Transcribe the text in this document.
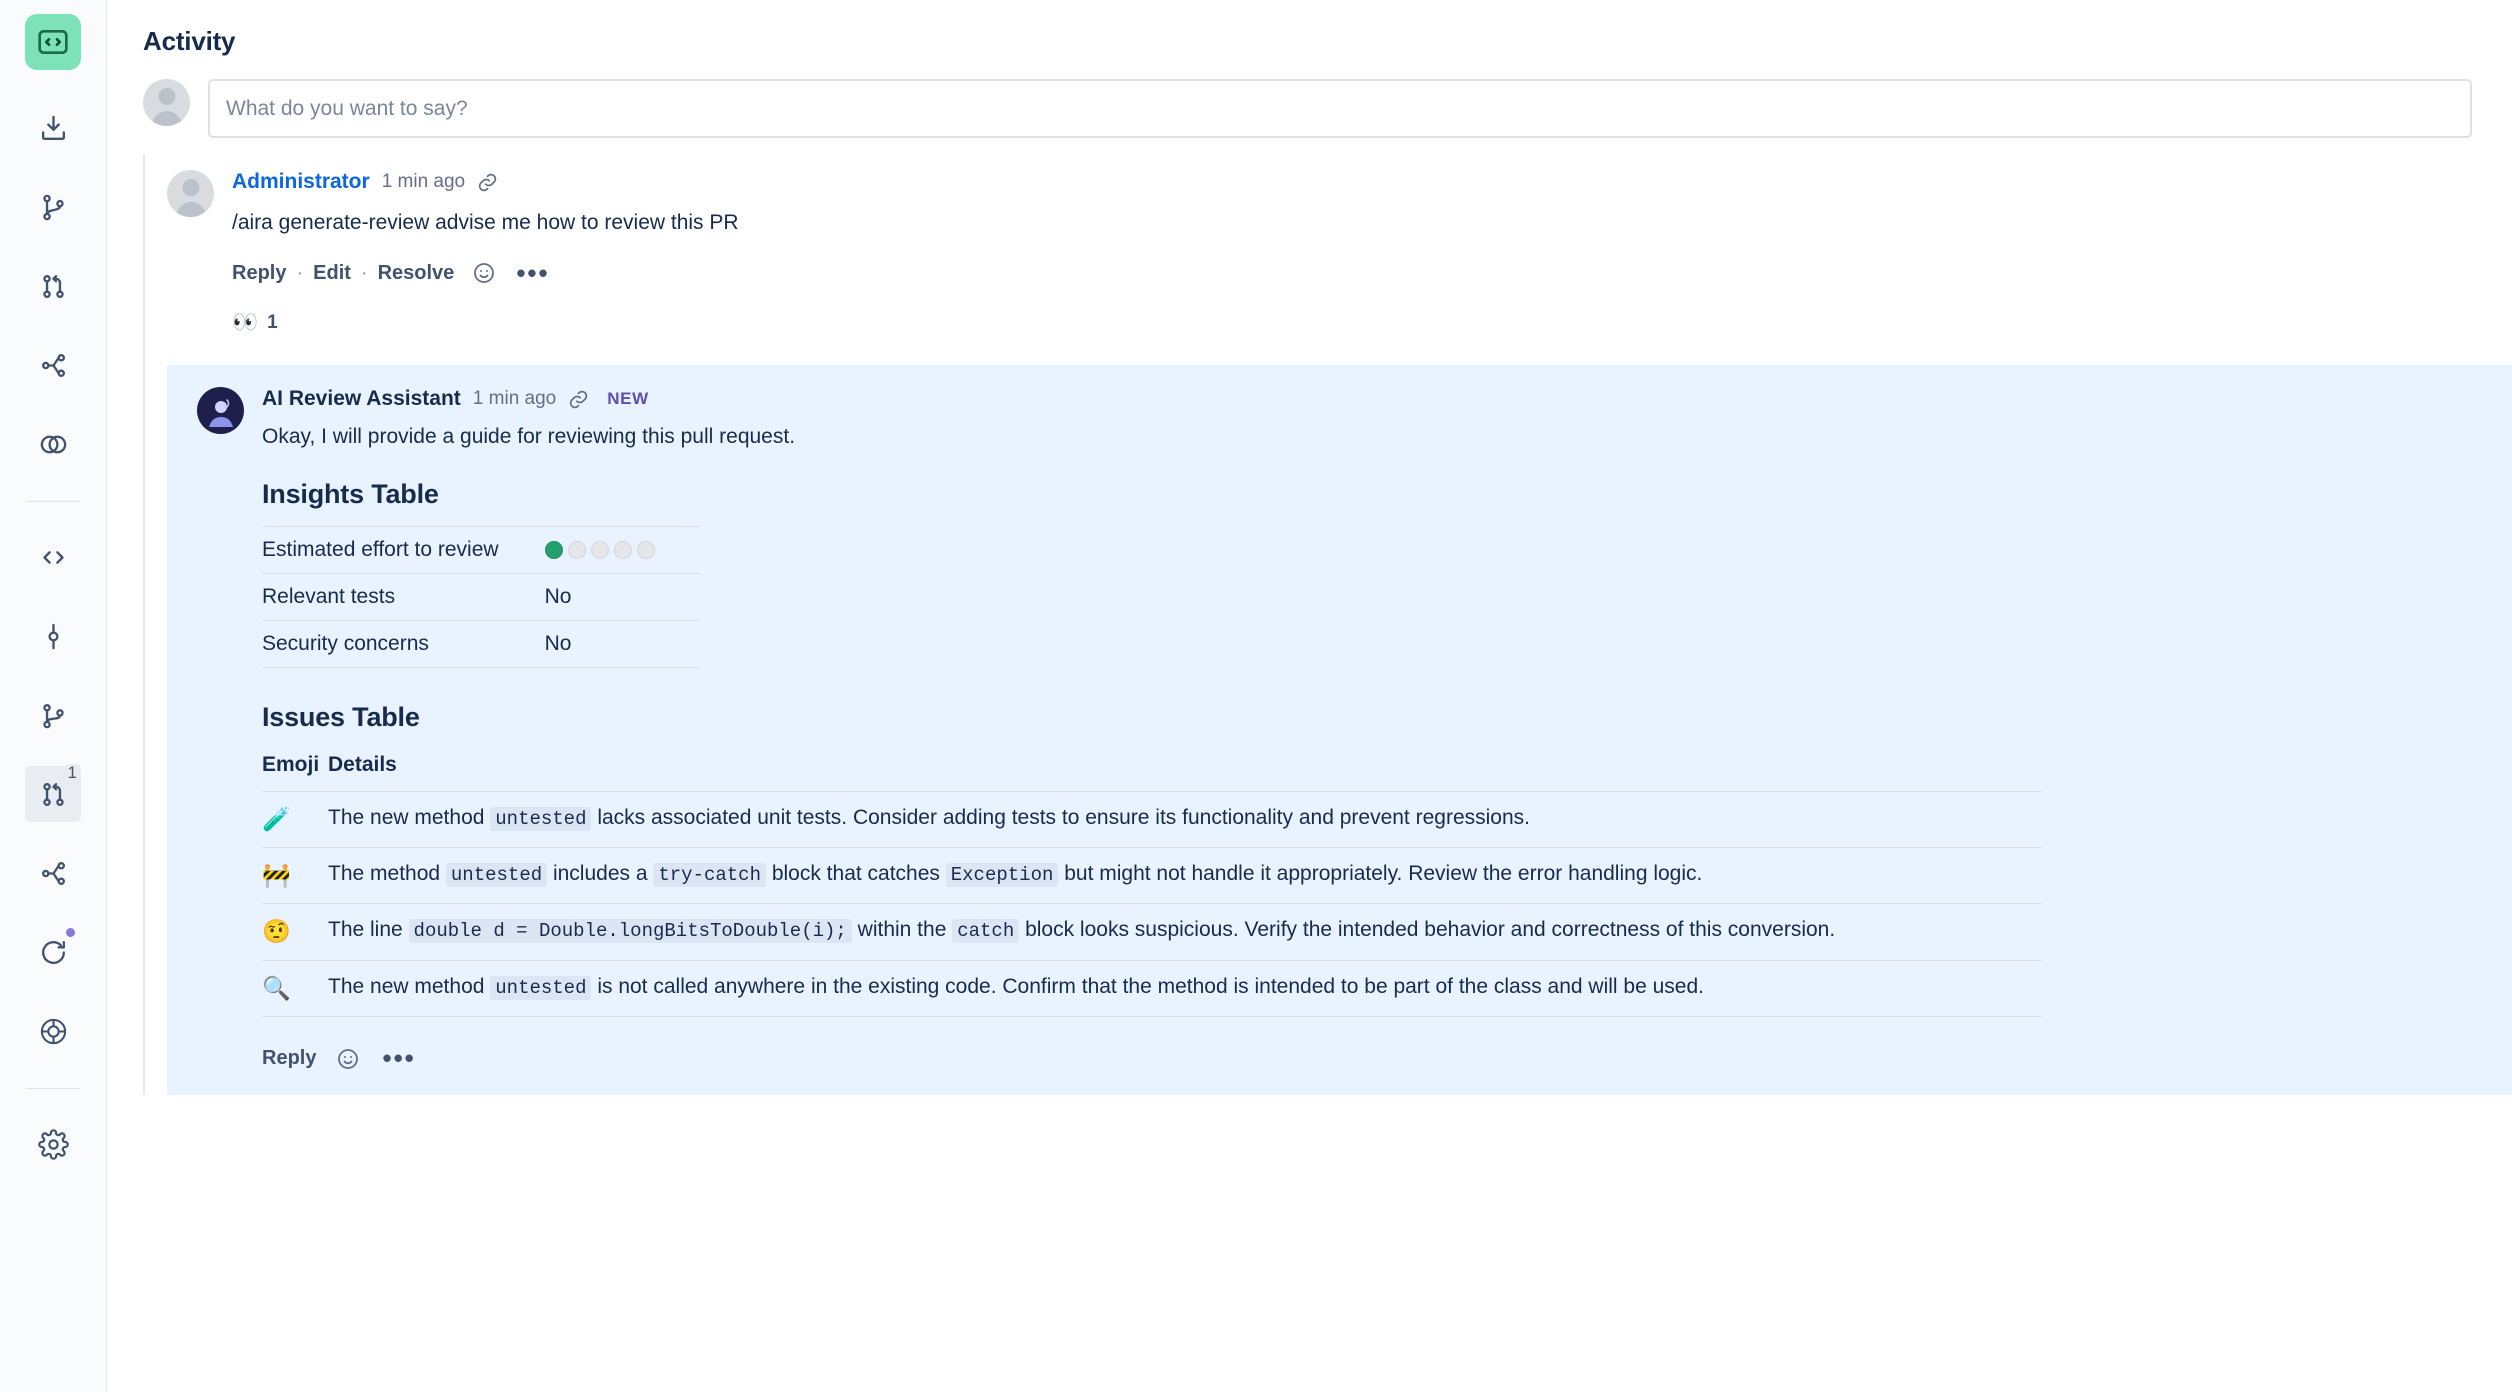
1
Activity
What do you want to say?
Administrator 1 min ago
/aira generate-review advise me how to review this PR
Reply · Edit · Resolve •••
👀 1
AI Review Assistant 1 min ago	NEW
Okay, I will provide a guide for reviewing this pull request.
Insights Table
Estimated effort to review	

Relevant tests	No
Security concerns	No
Issues Table
Emoji	Details
🧪	The new method untested lacks associated unit tests. Consider adding tests to ensure its functionality and prevent regressions.
🚧	The method untested includes a try-catch block that catches Exception but might not handle it appropriately. Review the error handling logic.
🤨	The line double d = Double.longBitsToDouble(i); within the catch block looks suspicious. Verify the intended behavior and correctness of this conversion.
🔍	The new method untested is not called anywhere in the existing code. Confirm that the method is intended to be part of the class and will be used.
Reply	•••
